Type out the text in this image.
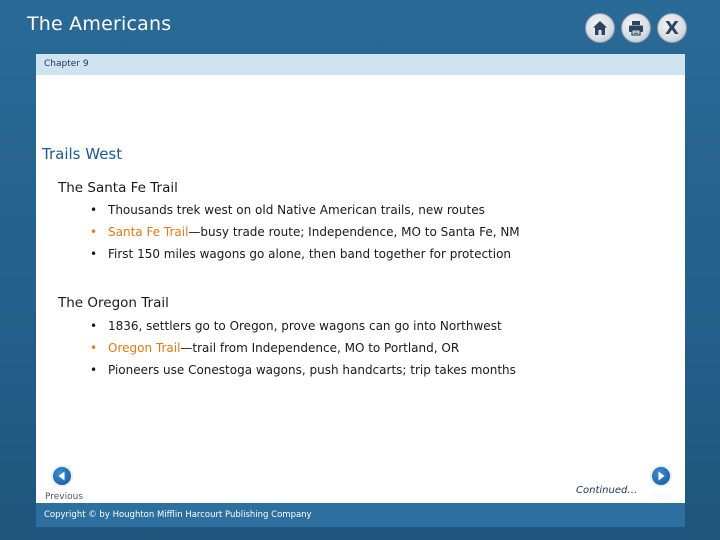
The Americans	X
Chapter 9
Trails West
The Santa Fe Trail
• Thousands trek west on old Native American trails, new routes
• Santa Fe Trail—busy trade route; Independence, MO to Santa Fe, NM
• First 150 miles wagons go alone, then band together for protection
The Oregon Trail
• 1836, settlers go to Oregon, prove wagons can go into Northwest
• Oregon Trail—trail from Independence, MO to Portland, OR
• Pioneers use Conestoga wagons, push handcarts; trip takes months
Previous
Continued…
Next
Copyright © by Houghton Mifflin Harcourt Publishing Company
